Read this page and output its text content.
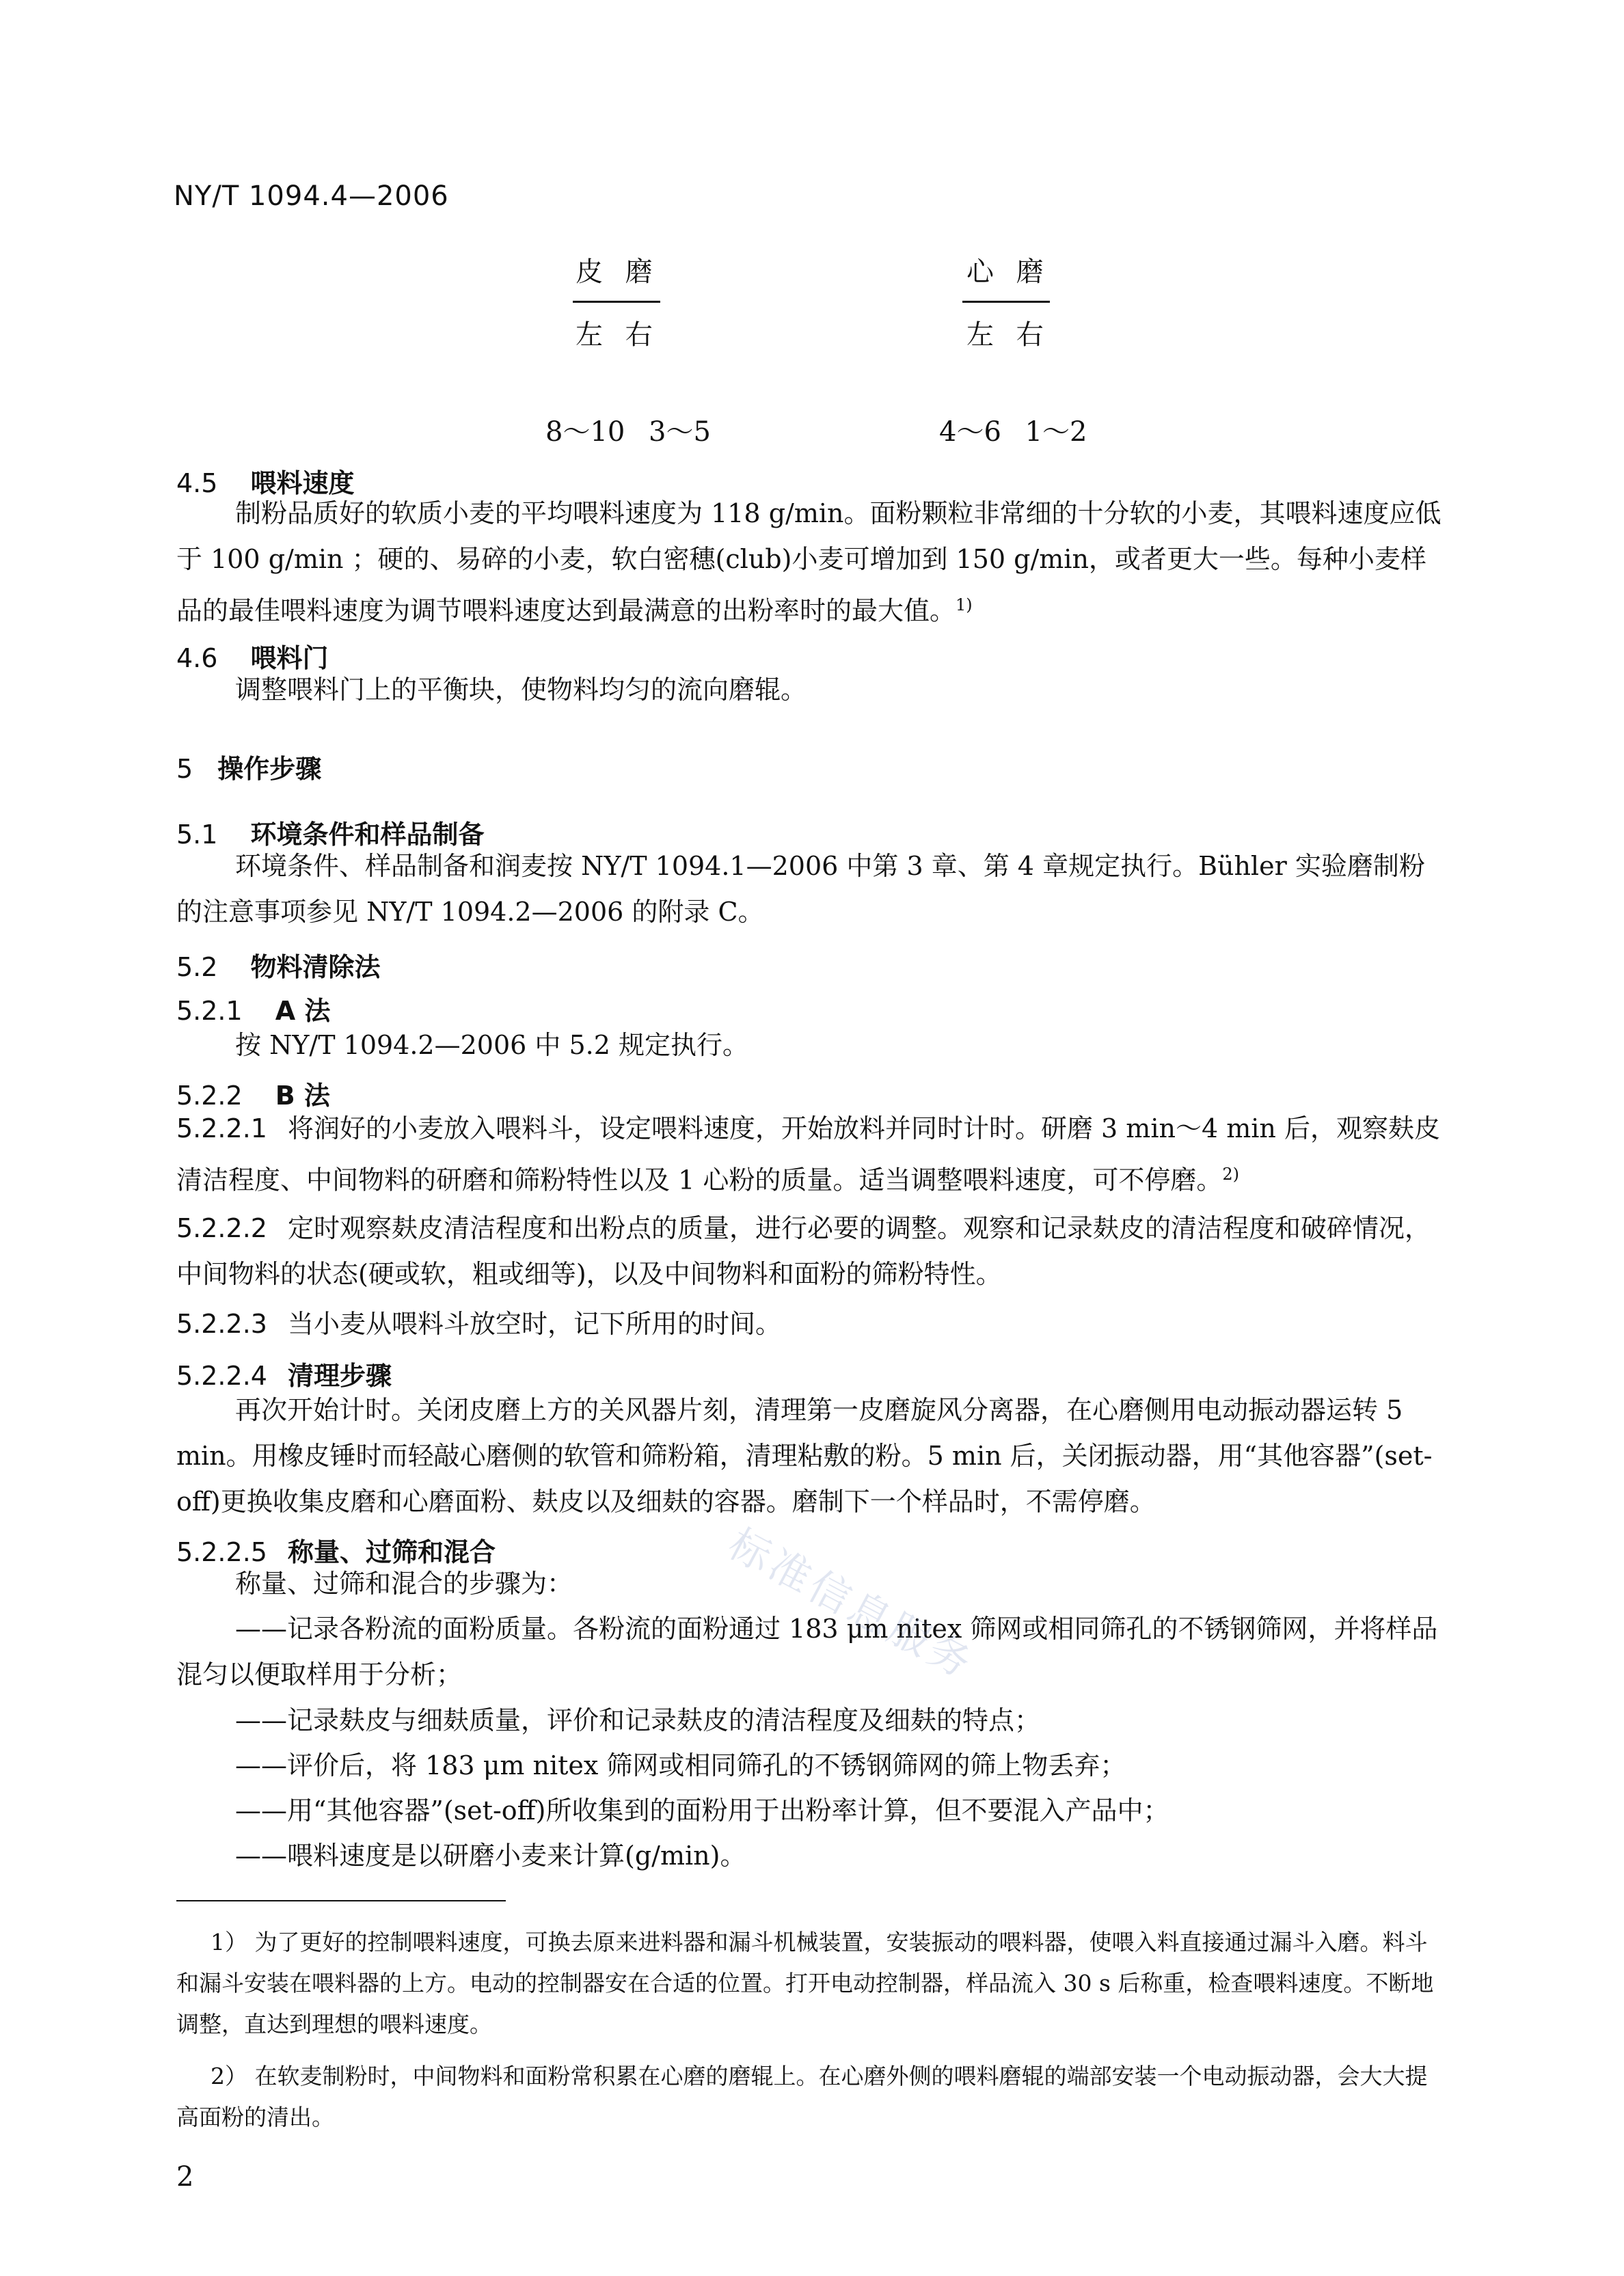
NY/T 1094.4—2006
皮 磨
左 右
8～10 3～5
心 磨
左 右
4～6 1～2
4.5 喂料速度
制粉品质好的软质小麦的平均喂料速度为 118 g/min。面粉颗粒非常细的十分软的小麦，其喂料速度应低于 100 g/min ；硬的、易碎的小麦，软白密穗(club)小麦可增加到 150 g/min，或者更大一些。每种小麦样品的最佳喂料速度为调节喂料速度达到最满意的出粉率时的最大值。$^{1)}$
4.6 喂料门
调整喂料门上的平衡块，使物料均匀的流向磨辊。
5 操作步骤
5.1 环境条件和样品制备
环境条件、样品制备和润麦按 NY/T 1094.1—2006 中第 3 章、第 4 章规定执行。Bühler 实验磨制粉的注意事项参见 NY/T 1094.2—2006 的附录 C。
5.2 物料清除法
5.2.1 A 法
按 NY/T 1094.2—2006 中 5.2 规定执行。
5.2.2 B 法
5.2.2.1 将润好的小麦放入喂料斗，设定喂料速度，开始放料并同时计时。研磨 3 min～4 min 后，观察麸皮清洁程度、中间物料的研磨和筛粉特性以及 1 心粉的质量。适当调整喂料速度，可不停磨。$^{2)}$
5.2.2.2 定时观察麸皮清洁程度和出粉点的质量，进行必要的调整。观察和记录麸皮的清洁程度和破碎情况，中间物料的状态(硬或软，粗或细等)，以及中间物料和面粉的筛粉特性。
5.2.2.3 当小麦从喂料斗放空时，记下所用的时间。
5.2.2.4 清理步骤
再次开始计时。关闭皮磨上方的关风器片刻，清理第一皮磨旋风分离器，在心磨侧用电动振动器运转 5 min。用橡皮锤时而轻敲心磨侧的软管和筛粉箱，清理粘敷的粉。5 min 后，关闭振动器，用“其他容器”(set-off)更换收集皮磨和心磨面粉、麸皮以及细麸的容器。磨制下一个样品时，不需停磨。
5.2.2.5 称量、过筛和混合
称量、过筛和混合的步骤为：
——记录各粉流的面粉质量。各粉流的面粉通过 183 μm nitex 筛网或相同筛孔的不锈钢筛网，并将样品混匀以便取样用于分析；
——记录麸皮与细麸质量，评价和记录麸皮的清洁程度及细麸的特点；
——评价后，将 183 μm nitex 筛网或相同筛孔的不锈钢筛网的筛上物丢弃；
——用“其他容器”(set-off)所收集到的面粉用于出粉率计算，但不要混入产品中；
——喂料速度是以研磨小麦来计算(g/min)。
1） 为了更好的控制喂料速度，可换去原来进料器和漏斗机械装置，安装振动的喂料器，使喂入料直接通过漏斗入磨。料斗和漏斗安装在喂料器的上方。电动的控制器安在合适的位置。打开电动控制器，样品流入 30 s 后称重，检查喂料速度。不断地调整，直达到理想的喂料速度。
2） 在软麦制粉时，中间物料和面粉常积累在心磨的磨辊上。在心磨外侧的喂料磨辊的端部安装一个电动振动器，会大大提高面粉的清出。
2
标准信息服务
